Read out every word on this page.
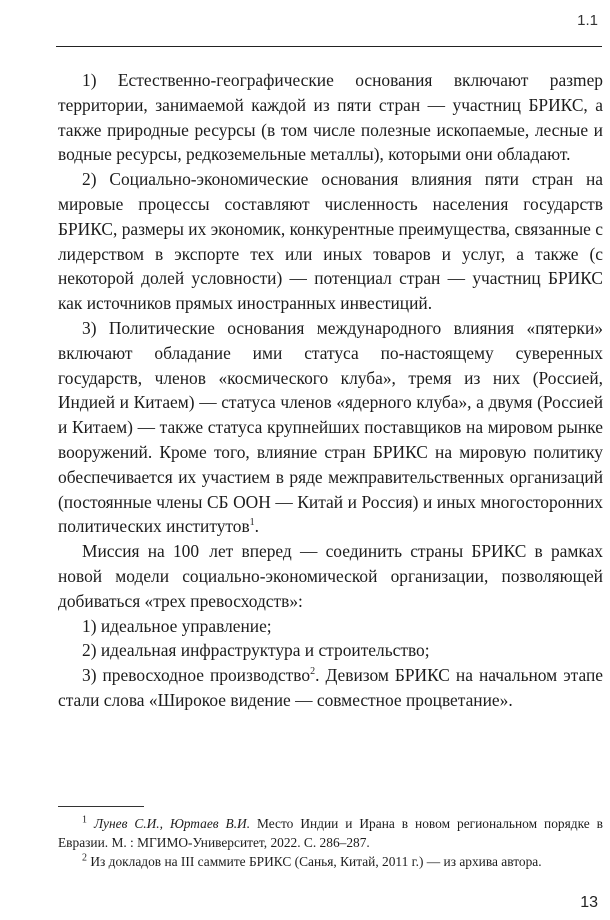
1.1

1) Естественно-географические основания включают разmер территории, занимаемой каждой из пяти стран — участниц БРИКС, а также природные ресурсы (в том числе полезные ископаемые, лесные и водные ресурсы, редкоземельные металлы), которыми они обладают.

2) Социально-экономические основания влияния пяти стран на мировые процессы составляют численность населения государств БРИКС, размеры их экономик, конкурентные преимущества, связанные с лидерством в экспорте тех или иных товаров и услуг, а также (с некоторой долей условности) — потенциал стран — участниц БРИКС как источников прямых иностранных инвестиций.

3) Политические основания международного влияния «пятерки» включают обладание ими статуса по-настоящему суверенных государств, членов «космического клуба», тремя из них (Россией, Индией и Китаем) — статуса членов «ядерного клуба», а двумя (Россией и Китаем) — также статуса крупнейших поставщиков на мировом рынке вооружений. Кроме того, влияние стран БРИКС на мировую политику обеспечивается их участием в ряде межправительственных организаций (постоянные члены СБ ООН — Китай и Россия) и иных многосторонних политических институтов$^1$.

Миссия на 100  лет вперед — соединить страны БРИКС в рамках новой модели социально-экономической организации, позволяющей добиваться «трех превосходств»:

1) идеальное управление;

2) идеальная инфраструктура и строительство;

3) превосходное производство$^2$. Девизом БРИКС на начальном этапе стали слова «Широкое видение — совместное процветание».

$^1$ Лунев С.И., Юртаев В.И. Место Индии и Ирана в новом региональном порядке в Евразии. М. : МГИМО-Университет, 2022. С. 286–287.

$^2$ Из докладов на III саммите БРИКС (Санья, Китай, 2011 г.) — из архива автора.

13
